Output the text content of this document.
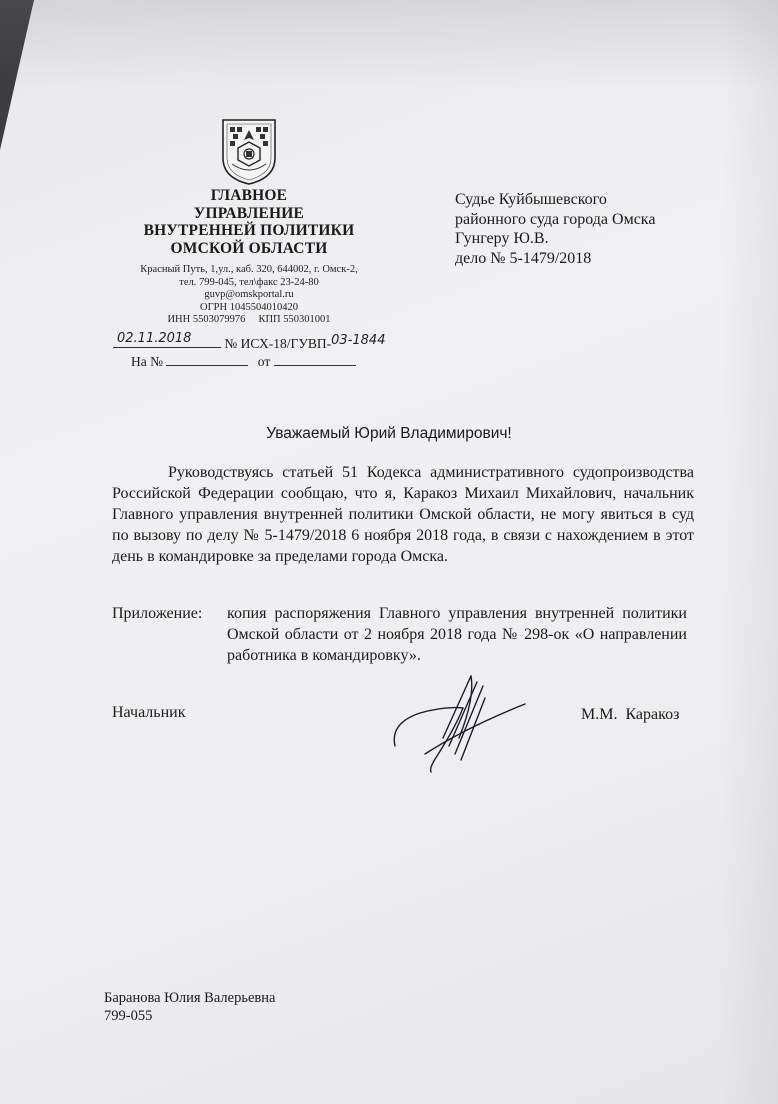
ГЛАВНОЕ
УПРАВЛЕНИЕ
ВНУТРЕННЕЙ ПОЛИТИКИ
ОМСКОЙ ОБЛАСТИ
Красный Путь, 1,ул., каб. 320, 644002, г. Омск-2,
тел. 799-045, тел\факс 23-24-80
guvp@omskportal.ru
ОГРН 1045504010420
ИНН 5503079976     КПП 550301001
02.11.2018 № ИСХ-18/ГУВП-03-1844
На №	от
Судье Куйбышевского
районного суда города Омска
Гунгеру Ю.В.
дело № 5-1479/2018

Уважаемый Юрий Владимирович!

Руководствуясь статьей 51 Кодекса административного судопроизводства Российской Федерации сообщаю, что я, Каракоз Михаил Михайлович, начальник Главного управления внутренней политики Омской области, не могу явиться в суд по вызову по делу № 5-1479/2018 6 ноября 2018 года, в связи с нахождением в этот день в командировке за пределами города Омска.

Приложение: копия распоряжения Главного управления внутренней политики Омской области от 2 ноября 2018 года № 298-ок «О направлении работника в командировку».
Начальник	М.М.  Каракоз
Баранова Юлия Валерьевна
799-055
